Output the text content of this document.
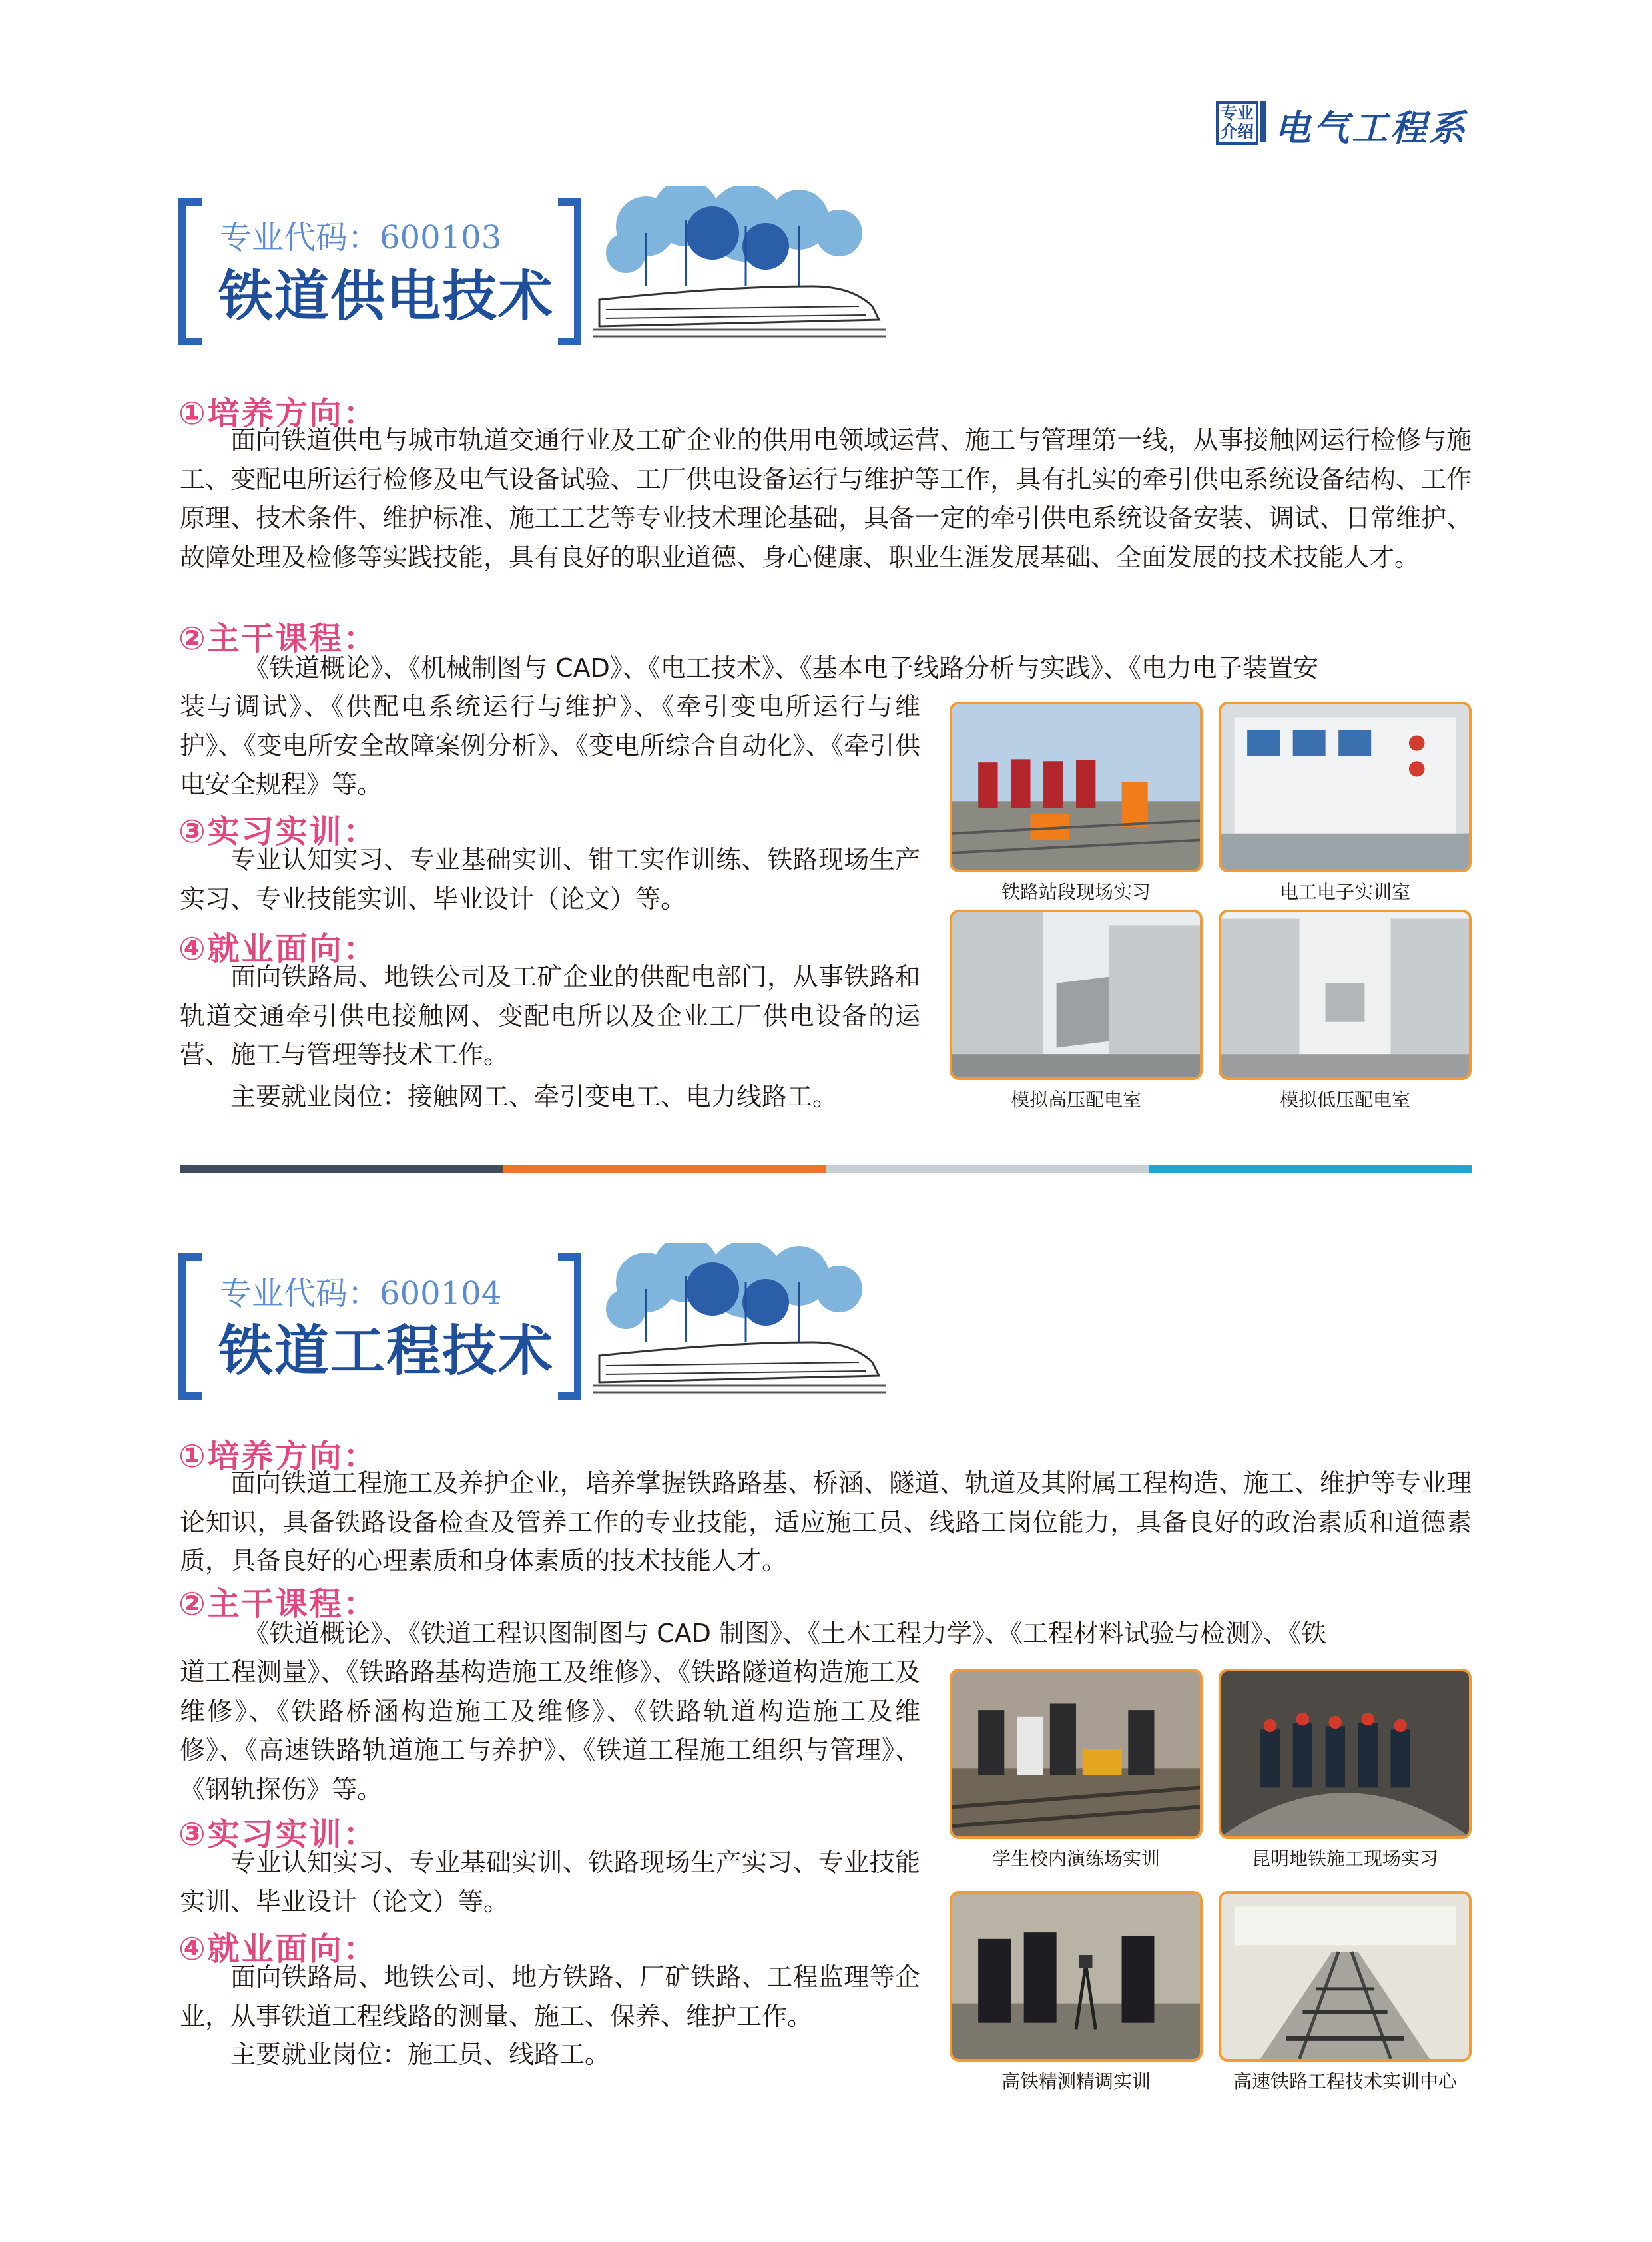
专业
介绍 电气工程系
专业代码：600103
铁道供电技术
①培养方向：

面向铁道供电与城市轨道交通行业及工矿企业的供用电领域运营、施工与管理第一线，从事接触网运行检修与施工、变配电所运行检修及电气设备试验、工厂供电设备运行与维护等工作，具有扎实的牵引供电系统设备结构、工作原理、技术条件、维护标准、施工工艺等专业技术理论基础，具备一定的牵引供电系统设备安装、调试、日常维护、故障处理及检修等实践技能，具有良好的职业道德、身心健康、职业生涯发展基础、全面发展的技术技能人才。

②主干课程：

《铁道概论》、《机械制图与 CAD》、《电工技术》、《基本电子线路分析与实践》、《电力电子装置安

装与调试》、《供配电系统运行与维护》、《牵引变电所运行与维护》、《变电所安全故障案例分析》、《变电所综合自动化》、《牵引供电安全规程》等。

③实习实训：

专业认知实习、专业基础实训、钳工实作训练、铁路现场生产实习、专业技能实训、毕业设计（论文）等。

④就业面向：

面向铁路局、地铁公司及工矿企业的供配电部门，从事铁路和轨道交通牵引供电接触网、变配电所以及企业工厂供电设备的运营、施工与管理等技术工作。

主要就业岗位：接触网工、牵引变电工、电力线路工。

铁路站段现场实习	电工电子实训室
模拟高压配电室	模拟低压配电室
专业代码：600104
铁道工程技术
①培养方向：

面向铁道工程施工及养护企业，培养掌握铁路路基、桥涵、隧道、轨道及其附属工程构造、施工、维护等专业理论知识，具备铁路设备检查及管养工作的专业技能，适应施工员、线路工岗位能力，具备良好的政治素质和道德素质，具备良好的心理素质和身体素质的技术技能人才。

②主干课程：

《铁道概论》、《铁道工程识图制图与 CAD 制图》、《土木工程力学》、《工程材料试验与检测》、《铁

道工程测量》、《铁路路基构造施工及维修》、《铁路隧道构造施工及维修》、《铁路桥涵构造施工及维修》、《铁路轨道构造施工及维修》、《高速铁路轨道施工与养护》、《铁道工程施工组织与管理》、《钢轨探伤》等。

③实习实训：

专业认知实习、专业基础实训、铁路现场生产实习、专业技能实训、毕业设计（论文）等。

④就业面向：

面向铁路局、地铁公司、地方铁路、厂矿铁路、工程监理等企业，从事铁道工程线路的测量、施工、保养、维护工作。

主要就业岗位：施工员、线路工。

学生校内演练场实训	昆明地铁施工现场实习
高铁精测精调实训	高速铁路工程技术实训中心
